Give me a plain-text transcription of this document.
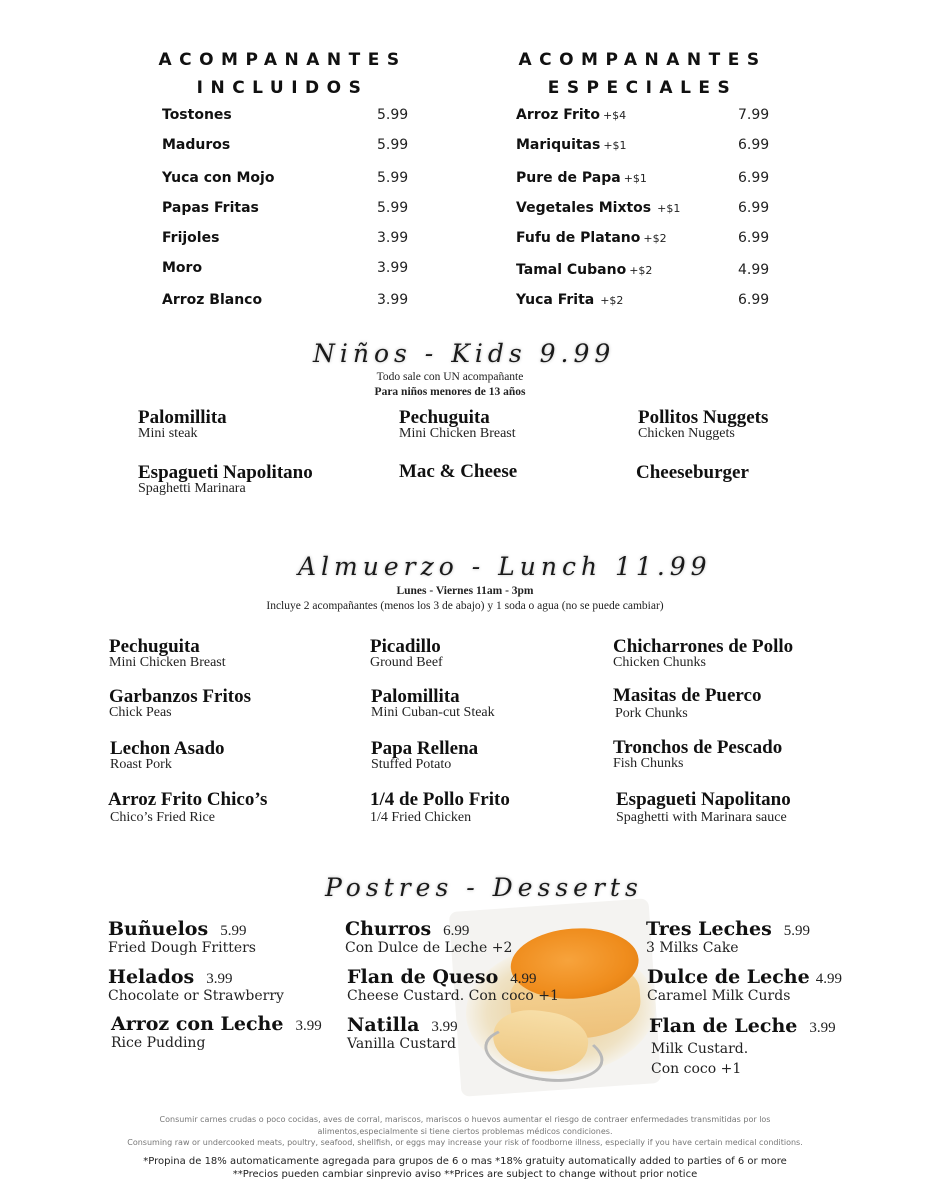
ACOMPANANTES
INCLUIDOS
Tostones	5.99
Maduros	5.99
Yuca con Mojo	5.99
Papas Fritas	5.99
Frijoles	3.99
Moro	3.99
Arroz Blanco	3.99
ACOMPANANTES
ESPECIALES
Arroz Frito +$4	7.99
Mariquitas +$1	6.99
Pure de Papa +$1	6.99
Vegetales Mixtos +$1	6.99
Fufu de Platano +$2	6.99
Tamal Cubano +$2	4.99
Yuca Frita +$2	6.99
Niños - Kids 9.99
Todo sale con UN acompañante
Para niños menores de 13 años
Palomillita
Mini steak
Pechuguita
Mini Chicken Breast
Pollitos Nuggets
Chicken Nuggets
Espagueti Napolitano
Spaghetti Marinara
Mac & Cheese	Cheeseburger
Almuerzo - Lunch 11.99
Lunes - Viernes 11am - 3pm
Incluye 2 acompañantes (menos los 3 de abajo) y 1 soda o agua (no se puede cambiar)
Pechuguita
Mini Chicken Breast
Picadillo
Ground Beef
Chicharrones de Pollo
Chicken Chunks
Garbanzos Fritos
Chick Peas
Palomillita
Mini Cuban-cut Steak
Masitas de Puerco
Pork Chunks
Lechon Asado
Roast Pork
Papa Rellena
Stuffed Potato
Tronchos de Pescado
Fish Chunks
Arroz Frito Chico’s
Chico’s Fried Rice
1/4 de Pollo Frito
1/4 Fried Chicken
Espagueti Napolitano
Spaghetti with Marinara sauce
Postres - Desserts
Buñuelos 5.99
Fried Dough Fritters
Helados 3.99
Chocolate or Strawberry
Arroz con Leche 3.99
Rice Pudding
Churros 6.99
Con Dulce de Leche +2
Flan de Queso 4.99
Cheese Custard. Con coco +1
Natilla 3.99
Vanilla Custard
Tres Leches 5.99
3 Milks Cake
Dulce de Leche 4.99
Caramel Milk Curds
Flan de Leche 3.99
Milk Custard.
Con coco +1
Consumir carnes crudas o poco cocidas, aves de corral, mariscos, mariscos o huevos aumentar el riesgo de contraer enfermedades transmitidas por los alimentos,especialmente si tiene ciertos problemas médicos condiciones.
Consuming raw or undercooked meats, poultry, seafood, shellfish, or eggs may increase your risk of foodborne illness, especially if you have certain medical conditions.
*Propina de 18% automaticamente agregada para grupos de 6 o mas *18% gratuity automatically added to parties of 6 or more
**Precios pueden cambiar sinprevio aviso **Prices are subject to change without prior notice
